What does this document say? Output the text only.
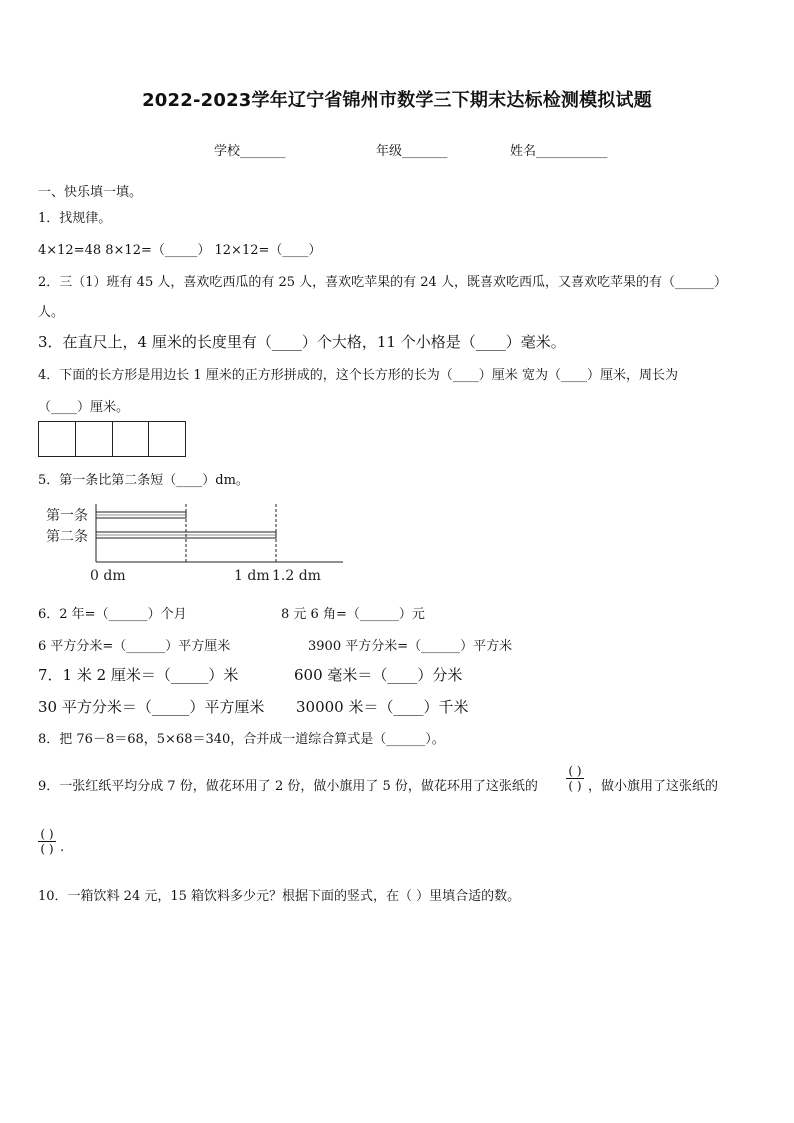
2022-2023学年辽宁省锦州市数学三下期末达标检测模拟试题
学校_______	年级_______	姓名___________
一、快乐填一填。
1．找规律。
4×12=48 8×12=（_____） 12×12=（____）
2．三（1）班有 45 人，喜欢吃西瓜的有 25 人，喜欢吃苹果的有 24 人，既喜欢吃西瓜，又喜欢吃苹果的有（______）
人。
3．在直尺上，4 厘米的长度里有（____）个大格，11 个小格是（____）毫米。
4．下面的长方形是用边长 1 厘米的正方形拼成的，这个长方形的长为（____）厘米 宽为（____）厘米，周长为
（____）厘米。
5．第一条比第二条短（____）dm。
第一条
第二条
0 dm	1 dm 1.2 dm
6．2 年=（______）个月	8 元 6 角=（______）元
6 平方分米=（______）平方厘米	3900 平方分米=（______）平方米
7．1 米 2 厘米＝（_____）米	600 毫米＝（____）分米
30 平方分米＝（_____）平方厘米 30000 米＝（____）千米
8．把 76－8＝68，5×68＝340，合并成一道综合算式是（______）。
9．一张红纸平均分成 7 份，做花环用了 2 份，做小旗用了 5 份，做花环用了这张纸的
( )
( ) ，做小旗用了这张纸的
( )
( ) .
10．一箱饮料 24 元，15 箱饮料多少元？根据下面的竖式，在（ ）里填合适的数。
